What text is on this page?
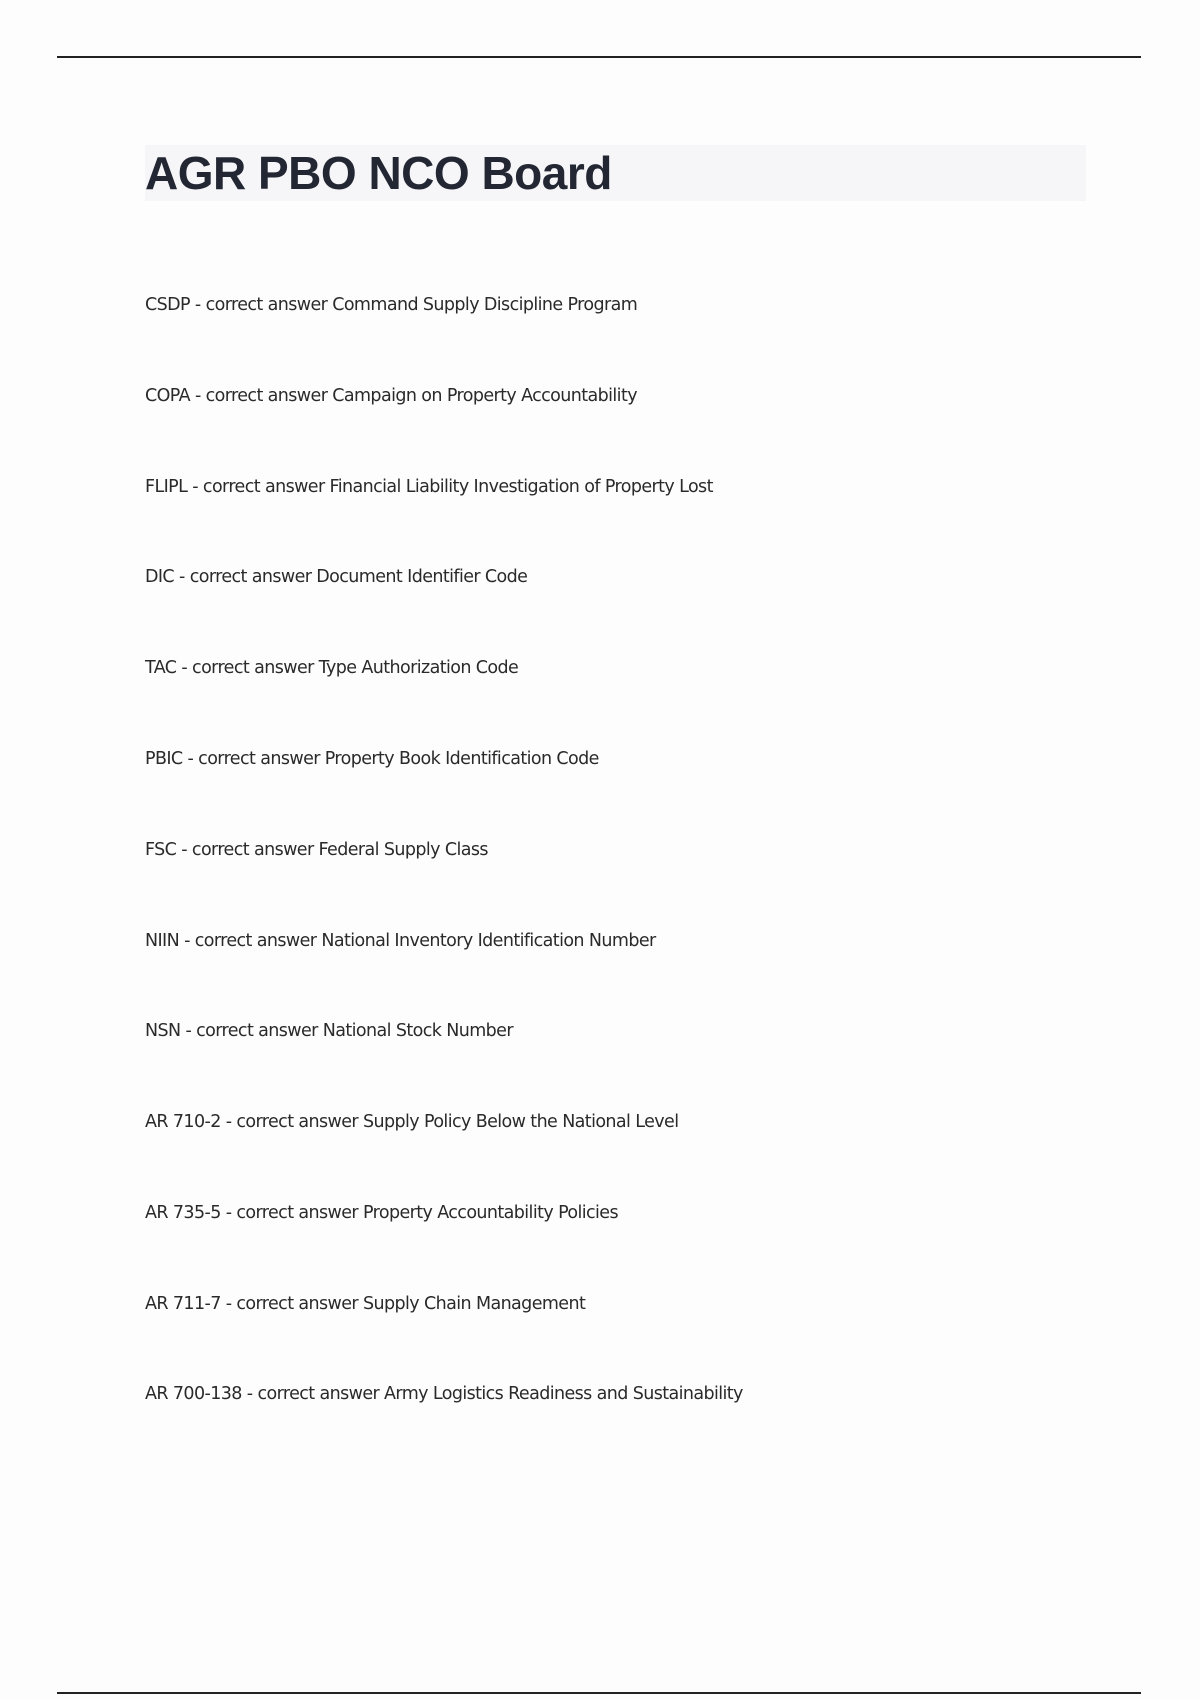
AGR PBO NCO Board
CSDP - correct answer Command Supply Discipline Program
COPA - correct answer Campaign on Property Accountability
FLIPL - correct answer Financial Liability Investigation of Property Lost
DIC - correct answer Document Identifier Code
TAC - correct answer Type Authorization Code
PBIC - correct answer Property Book Identification Code
FSC - correct answer Federal Supply Class
NIIN - correct answer National Inventory Identification Number
NSN - correct answer National Stock Number
AR 710-2 - correct answer Supply Policy Below the National Level
AR 735-5 - correct answer Property Accountability Policies
AR 711-7 - correct answer Supply Chain Management
AR 700-138 - correct answer Army Logistics Readiness and Sustainability
